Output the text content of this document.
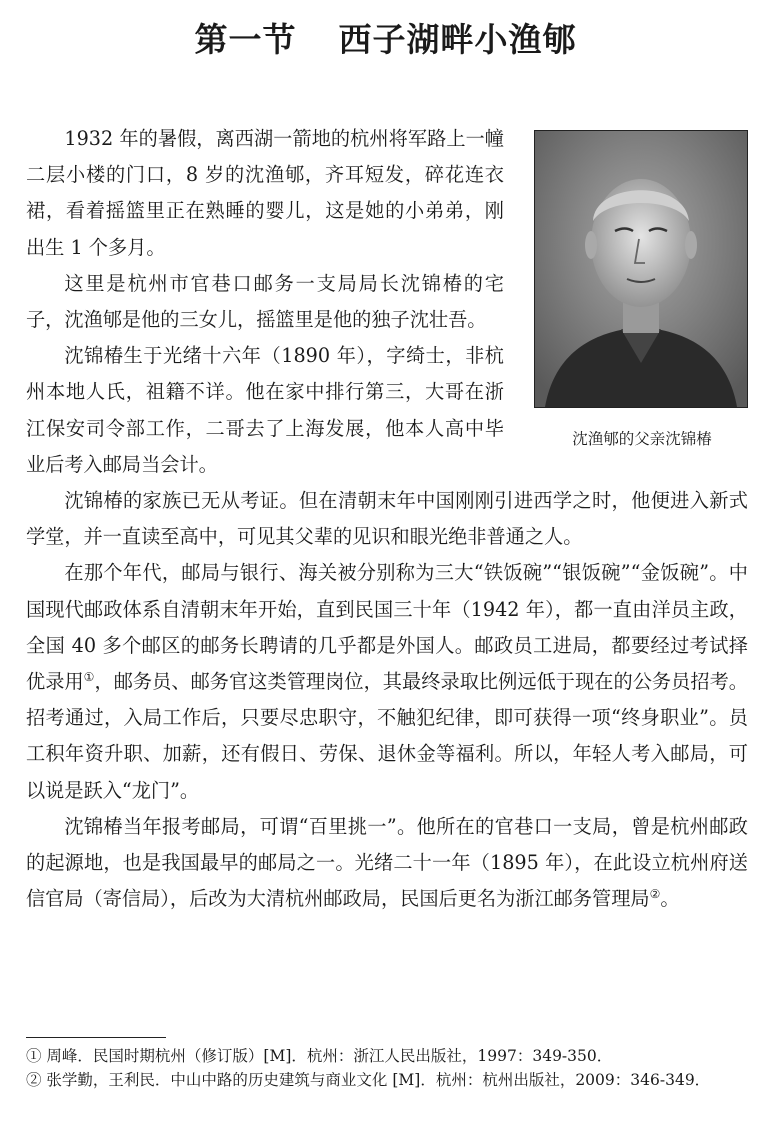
第一节 西子湖畔小渔郇
沈渔郇的父亲沈锦椿

1932 年的暑假，离西湖一箭地的杭州将军路上一幢二层小楼的门口，8 岁的沈渔郇，齐耳短发，碎花连衣裙，看着摇篮里正在熟睡的婴儿，这是她的小弟弟，刚出生 1 个多月。

这里是杭州市官巷口邮务一支局局长沈锦椿的宅子，沈渔郇是他的三女儿，摇篮里是他的独子沈壮吾。

沈锦椿生于光绪十六年（1890 年），字绮士，非杭州本地人氏，祖籍不详。他在家中排行第三，大哥在浙江保安司令部工作，二哥去了上海发展，他本人高中毕业后考入邮局当会计。

沈锦椿的家族已无从考证。但在清朝末年中国刚刚引进西学之时，他便进入新式学堂，并一直读至高中，可见其父辈的见识和眼光绝非普通之人。

在那个年代，邮局与银行、海关被分别称为三大“铁饭碗”“银饭碗”“金饭碗”。中国现代邮政体系自清朝末年开始，直到民国三十年（1942 年），都一直由洋员主政，全国 40 多个邮区的邮务长聘请的几乎都是外国人。邮政员工进局，都要经过考试择优录用①，邮务员、邮务官这类管理岗位，其最终录取比例远低于现在的公务员招考。招考通过，入局工作后，只要尽忠职守，不触犯纪律，即可获得一项“终身职业”。员工积年资升职、加薪，还有假日、劳保、退休金等福利。所以，年轻人考入邮局，可以说是跃入“龙门”。

沈锦椿当年报考邮局，可谓“百里挑一”。他所在的官巷口一支局，曾是杭州邮政的起源地，也是我国最早的邮局之一。光绪二十一年（1895 年），在此设立杭州府送信官局（寄信局），后改为大清杭州邮政局，民国后更名为浙江邮务管理局②。

① 周峰．民国时期杭州（修订版）[M]．杭州：浙江人民出版社，1997：349-350．
② 张学勤，王利民．中山中路的历史建筑与商业文化 [M]．杭州：杭州出版社，2009：346-349．
